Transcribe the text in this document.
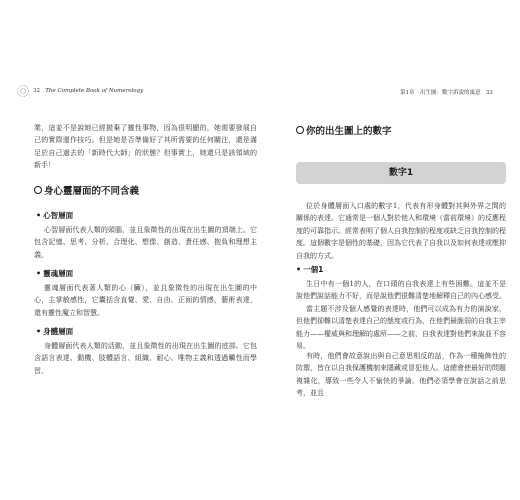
32 The Complete Book of Numerology	第1章　出生圖：數字訴說的寓意 33

業，這並不是說她已經拋棄了靈性事物，因為很明顯的，她需要發展自己的實際運作技巧。但是她是否準備好了其所需要的任何關注，還是滿足於自己過去的「新時代大師」的狀態？但事實上，她還只是該領域的新手！

身心靈層面的不同含義
• 心智層面

心智層面代表人類的頭腦，並且象徵性的出現在出生圖的頂端上。它包含記憶、思考、分析、合理化、想像、創造、責任感、抱負和理想主義。

• 靈魂層面

靈魂層面代表著人類的心（臟），並且象徵性的出現在出生圖的中心，主掌敏感性，它囊括含直覺、愛、自由、正面的情感，藝術表達，還有靈性魔立和智慧。

• 身體層面

身體層面代表人類的活動，並且象徵性的出現在出生圖的底部。它包含語言表達、動機、肢體語言、組織、耐心、唯物主義和透過觸性而學習。

你的出生圖上的數字
數字1

位於身體層面入口處的數字1，代表有形身體對其與外界之間的關係的表達。它通常是一個人對於他人和環境（當前環境）的反應程度的可靠指示。經常表明了個人自我控制的程度或缺乏自我控制的程度。這個數字是個性的基礎，因為它代表了自我以及如何表達或壓抑自我的方式。

• 一個1

生日中有一個1的人，在口頭的自我表達上有些困難。這並不是說他們說話能力不好，而是說他們很難清楚地解釋自己的內心感受。

當主題不涉及個人感覺的表達時，他們可以成為有力的演說家，但他們卻難以清楚表達自己的態度或行為，在他們最脆弱的自我主宰能力——權威與和理解的處所——之前，自我表達對他們來說並不容易。

有時，他們會故意說出與自己意思相反的話，作為一種掩飾性的防禦，皆在以自我保護機制來隱藏或冒犯他人。這總會使最好的問題複雜化，導致一些令人不愉快的爭論。他們必須學會在說話之前思考，並且
